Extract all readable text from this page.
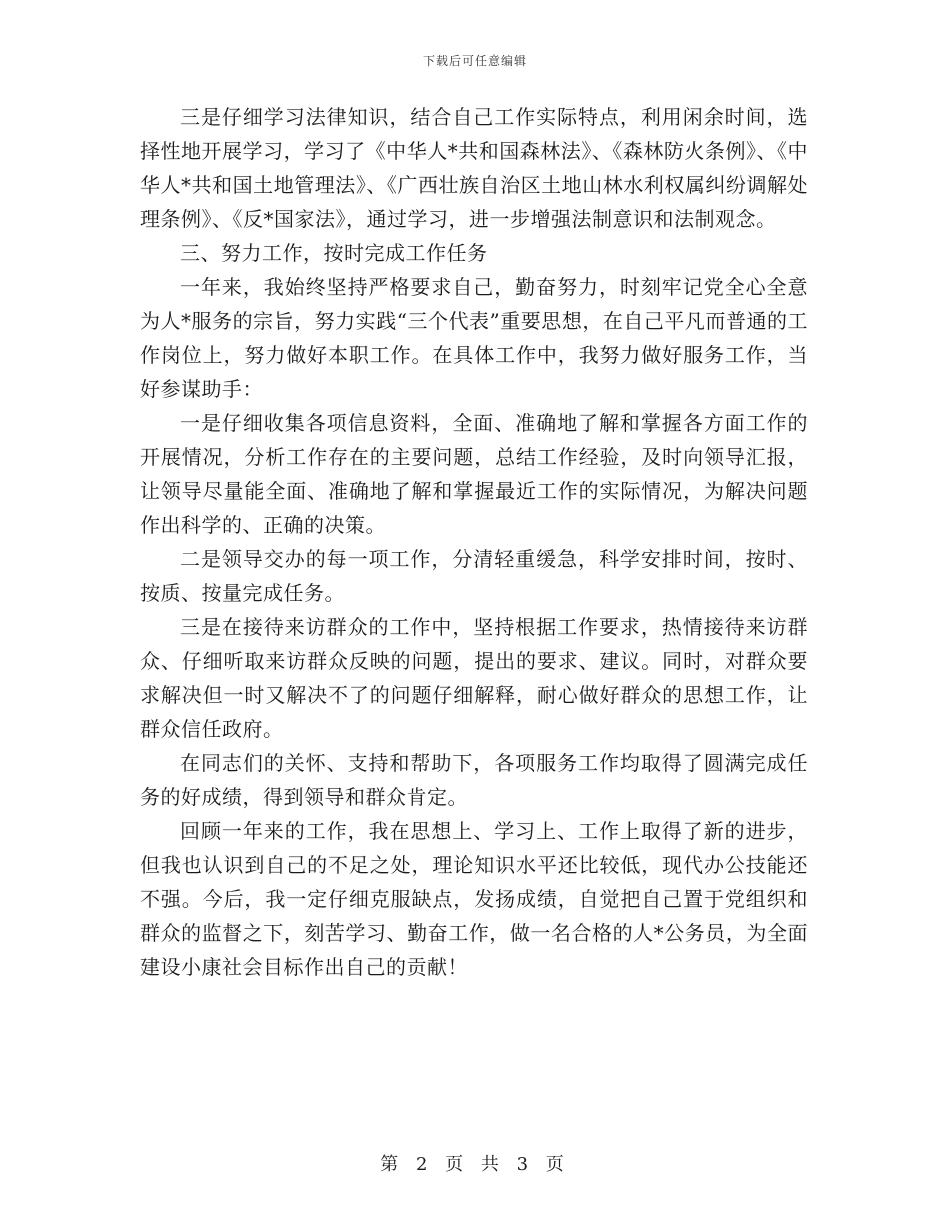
下载后可任意编辑

三是仔细学习法律知识，结合自己工作实际特点，利用闲余时间，选择性地开展学习，学习了《中华人*共和国森林法》、《森林防火条例》、《中华人*共和国土地管理法》、《广西壮族自治区土地山林水利权属纠纷调解处理条例》、《反*国家法》，通过学习，进一步增强法制意识和法制观念。

三、努力工作，按时完成工作任务

一年来，我始终坚持严格要求自己，勤奋努力，时刻牢记党全心全意为人*服务的宗旨，努力实践“三个代表”重要思想，在自己平凡而普通的工作岗位上，努力做好本职工作。在具体工作中，我努力做好服务工作，当好参谋助手：

一是仔细收集各项信息资料，全面、准确地了解和掌握各方面工作的开展情况，分析工作存在的主要问题，总结工作经验，及时向领导汇报，让领导尽量能全面、准确地了解和掌握最近工作的实际情况，为解决问题作出科学的、正确的决策。

二是领导交办的每一项工作，分清轻重缓急，科学安排时间，按时、按质、按量完成任务。

三是在接待来访群众的工作中，坚持根据工作要求，热情接待来访群众、仔细听取来访群众反映的问题，提出的要求、建议。同时，对群众要求解决但一时又解决不了的问题仔细解释，耐心做好群众的思想工作，让群众信任政府。

在同志们的关怀、支持和帮助下，各项服务工作均取得了圆满完成任务的好成绩，得到领导和群众肯定。

回顾一年来的工作，我在思想上、学习上、工作上取得了新的进步，但我也认识到自己的不足之处，理论知识水平还比较低，现代办公技能还不强。今后，我一定仔细克服缺点，发扬成绩，自觉把自己置于党组织和群众的监督之下，刻苦学习、勤奋工作，做一名合格的人*公务员，为全面建设小康社会目标作出自己的贡献！

第 2 页 共 3 页
